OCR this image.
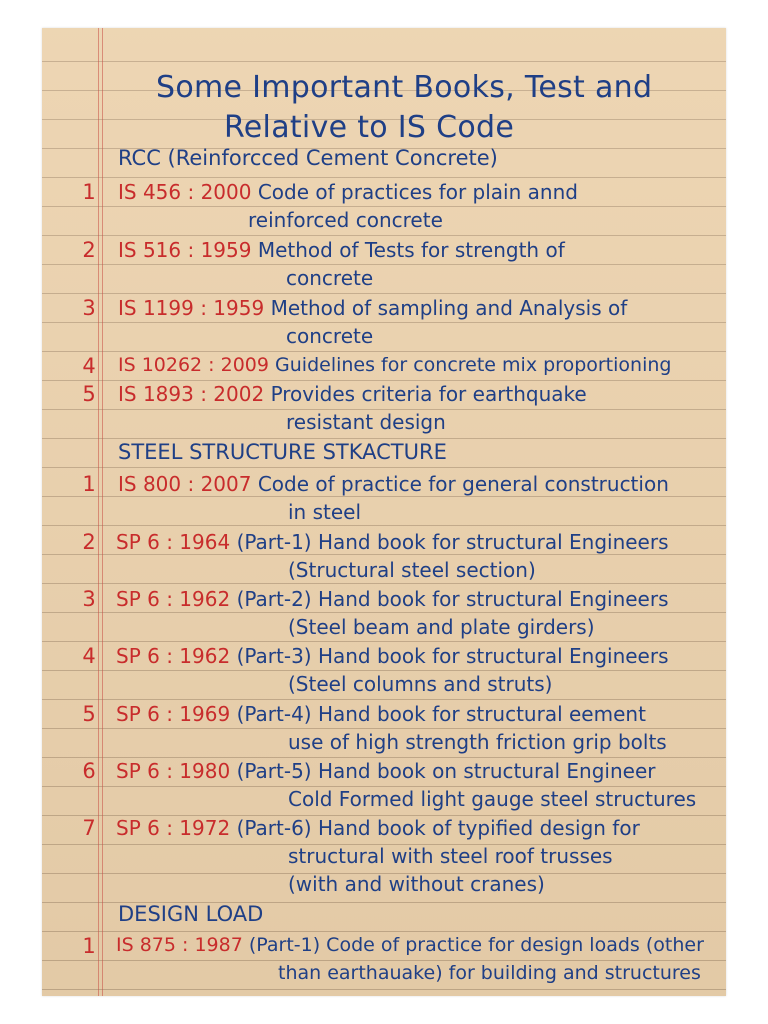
Some Important Books, Test and
Relative to IS Code
RCC (Reinforcced Cement Concrete)
1	IS 456 : 2000 Code of practices for plain annd
reinforced concrete
2	IS 516 : 1959 Method of Tests for strength of
concrete
3	IS 1199 : 1959 Method of sampling and Analysis of
concrete
4	IS 10262 : 2009 Guidelines for concrete mix proportioning
5	IS 1893 : 2002 Provides criteria for earthquake
resistant design
STEEL STRUCTURE STKACTURE
1	IS 800 : 2007 Code of practice for general construction
in steel
2	SP 6 : 1964 (Part-1) Hand book for structural Engineers
(Structural steel section)
3	SP 6 : 1962 (Part-2) Hand book for structural Engineers
(Steel beam and plate girders)
4	SP 6 : 1962 (Part-3) Hand book for structural Engineers
(Steel columns and struts)
5	SP 6 : 1969 (Part-4) Hand book for structural eement
use of high strength friction grip bolts
6	SP 6 : 1980 (Part-5) Hand book on structural Engineer
Cold Formed light gauge steel structures
7	SP 6 : 1972 (Part-6) Hand book of typified design for
structural with steel roof trusses
(with and without cranes)
DESIGN LOAD
1	IS 875 : 1987 (Part-1) Code of practice for design loads (other
than earthauake) for building and structures
